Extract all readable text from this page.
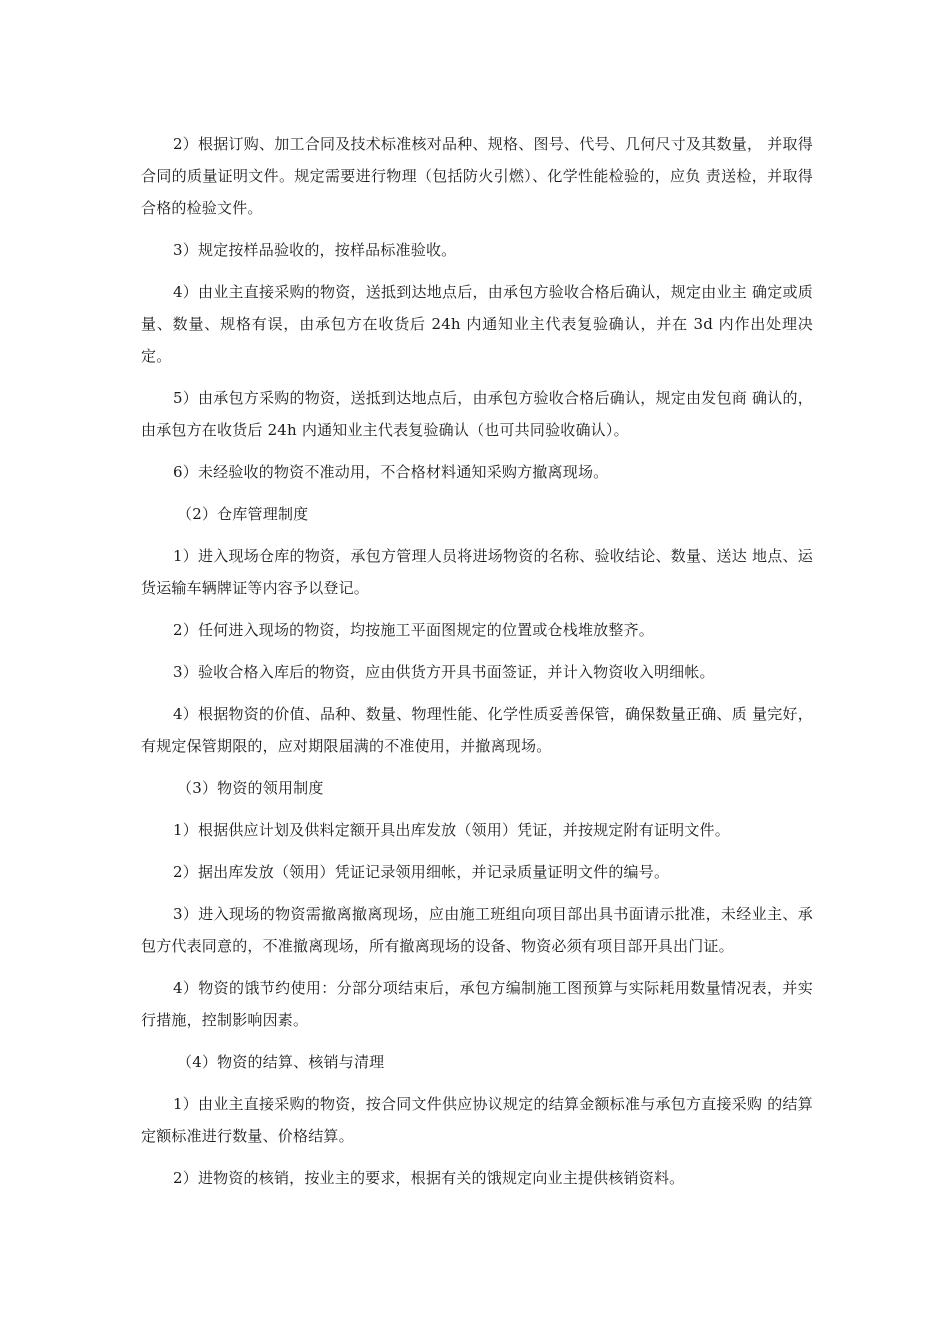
2）根据订购、加工合同及技术标准核对品种、规格、图号、代号、几何尺寸及其数量， 并取得合同的质量证明文件。规定需要进行物理（包括防火引燃）、化学性能检验的，应负 责送检，并取得合格的检验文件。

3）规定按样品验收的，按样品标准验收。

4）由业主直接采购的物资，送抵到达地点后，由承包方验收合格后确认，规定由业主 确定或质量、数量、规格有误，由承包方在收货后 24h 内通知业主代表复验确认，并在 3d 内作出处理决定。

5）由承包方采购的物资，送抵到达地点后，由承包方验收合格后确认，规定由发包商 确认的，由承包方在收货后 24h 内通知业主代表复验确认（也可共同验收确认）。

6）未经验收的物资不准动用，不合格材料通知采购方撤离现场。

（2）仓库管理制度

1）进入现场仓库的物资，承包方管理人员将进场物资的名称、验收结论、数量、送达 地点、运货运输车辆牌证等内容予以登记。

2）任何进入现场的物资，均按施工平面图规定的位置或仓栈堆放整齐。

3）验收合格入库后的物资，应由供货方开具书面签证，并计入物资收入明细帐。

4）根据物资的价值、品种、数量、物理性能、化学性质妥善保管，确保数量正确、质 量完好，有规定保管期限的，应对期限届满的不准使用，并撤离现场。

（3）物资的领用制度

1）根据供应计划及供料定额开具出库发放（领用）凭证，并按规定附有证明文件。

2）据出库发放（领用）凭证记录领用细帐，并记录质量证明文件的编号。

3）进入现场的物资需撤离撤离现场，应由施工班组向项目部出具书面请示批准，未经业主、承包方代表同意的，不准撤离现场，所有撤离现场的设备、物资必须有项目部开具出门证。

4）物资的饿节约使用：分部分项结束后，承包方编制施工图预算与实际耗用数量情况表，并实行措施，控制影响因素。

（4）物资的结算、核销与清理

1）由业主直接采购的物资，按合同文件供应协议规定的结算金额标准与承包方直接采购 的结算定额标准进行数量、价格结算。

2）进物资的核销，按业主的要求，根据有关的饿规定向业主提供核销资料。
